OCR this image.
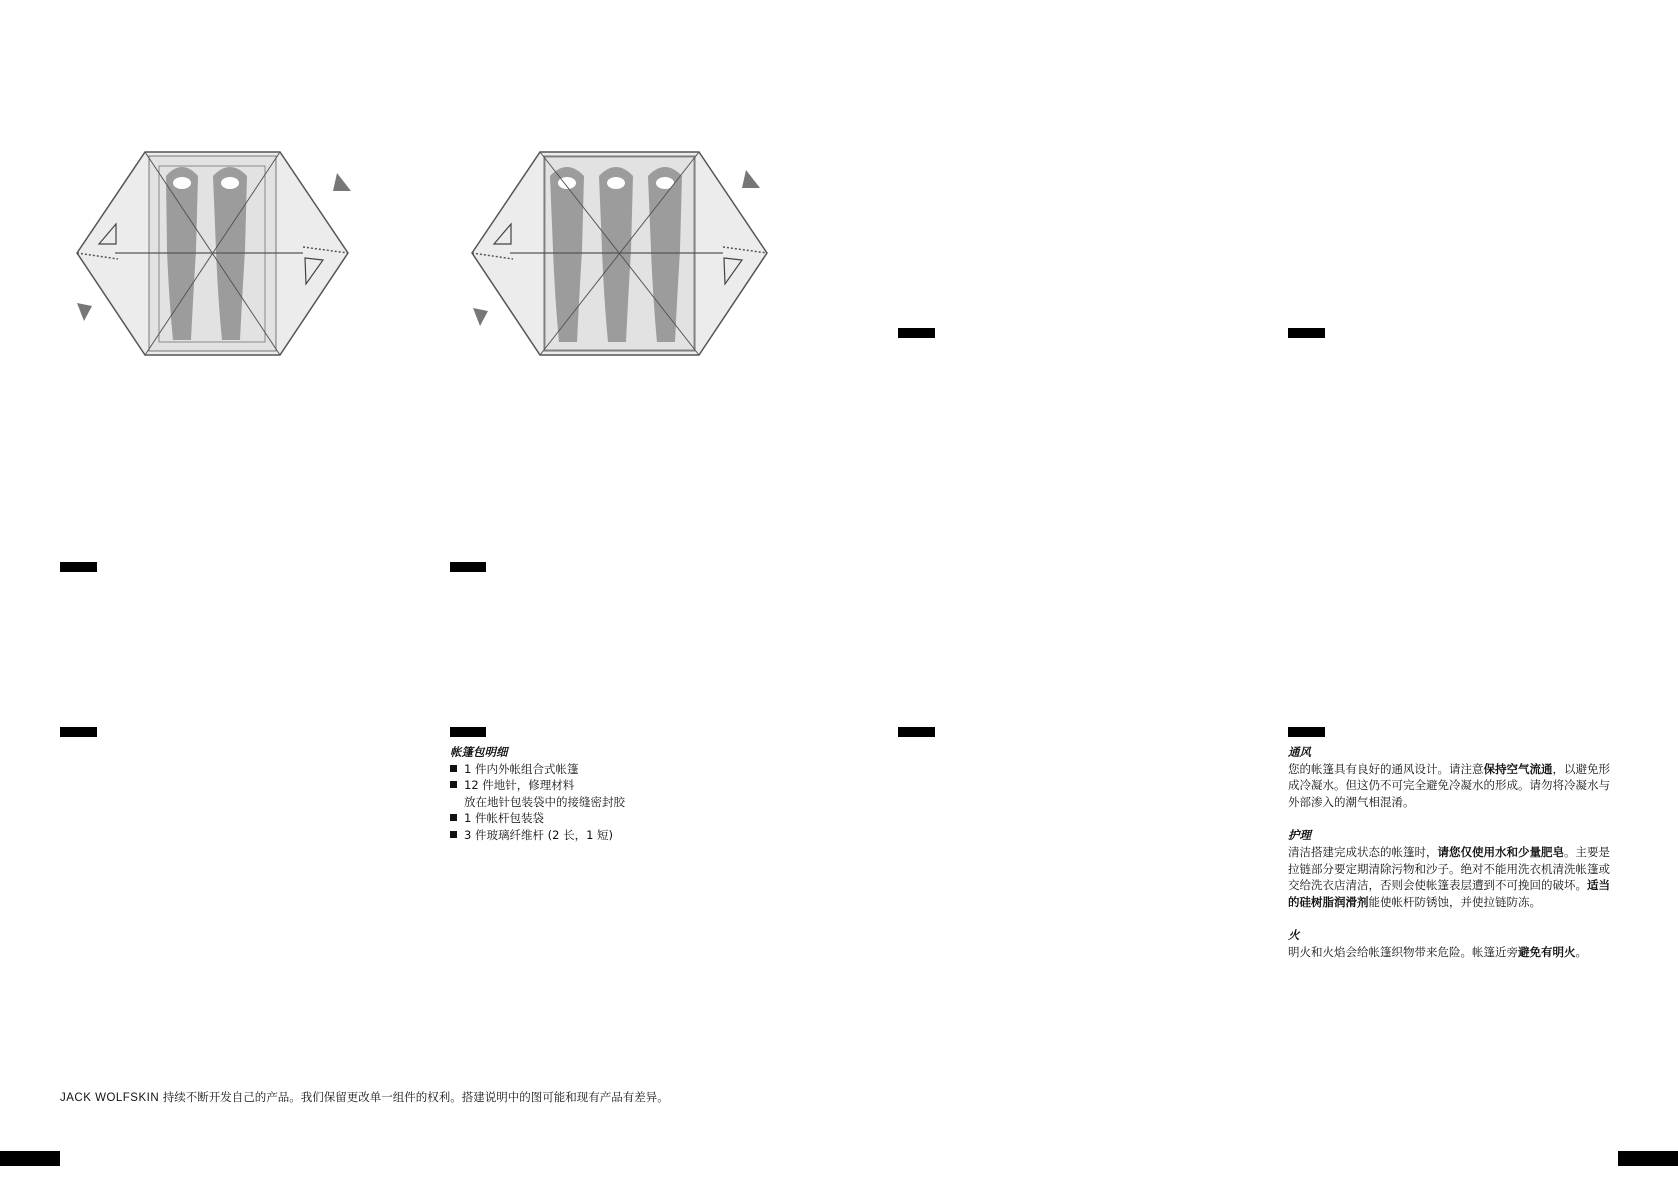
帐篷包明细
1 件内外帐组合式帐篷
12 件地针，修理材料
放在地针包装袋中的接缝密封胶
1 件帐杆包装袋
3 件玻璃纤维杆 (2 长，1 短)
通风

您的帐篷具有良好的通风设计。请注意保持空气流通，以避免形成冷凝水。但这仍不可完全避免冷凝水的形成。请勿将冷凝水与外部渗入的潮气相混淆。

护理

清洁搭建完成状态的帐篷时，请您仅使用水和少量肥皂。主要是拉链部分要定期清除污物和沙子。绝对不能用洗衣机清洗帐篷或交给洗衣店清洁，否则会使帐篷表层遭到不可挽回的破坏。适当的硅树脂润滑剂能使帐杆防锈蚀，并使拉链防冻。

火

明火和火焰会给帐篷织物带来危险。帐篷近旁避免有明火。

JACK WOLFSKIN 持续不断开发自己的产品。我们保留更改单一组件的权利。搭建说明中的图可能和现有产品有差异。
